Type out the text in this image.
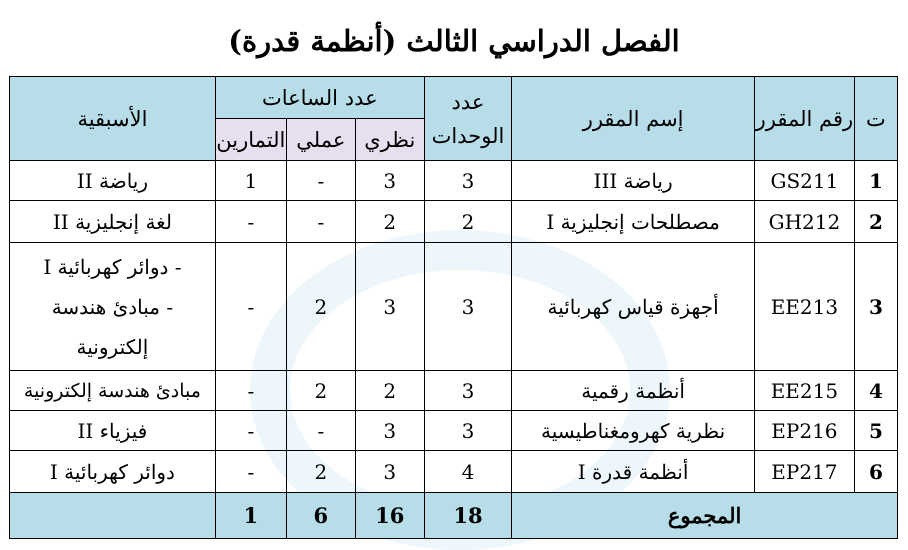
الفصل الدراسي الثالث (أنظمة قدرة)
ت	رقم المقرر	إسم المقرر	عدد الوحدات	عدد الساعات			الأسبقية
				نظري	عملي	التمارين	
1	GS211	رياضة III	3	3	-	1	رياضة II
2	GH212	مصطلحات إنجليزية I	2	2	-	-	لغة إنجليزية II
3	EE213	أجهزة قياس كهربائية	3	3	2	-	- دوائر كهربائية I
- مبادئ هندسة
إلكترونية

4	EE215	أنظمة رقمية	3	2	2	-	مبادئ هندسة إلكترونية
5	EP216	نظرية كهرومغناطيسية	3	3	-	-	فيزياء II
6	EP217	أنظمة قدرة I	4	3	2	-	دوائر كهربائية I
المجموع			18	16	6	1	
